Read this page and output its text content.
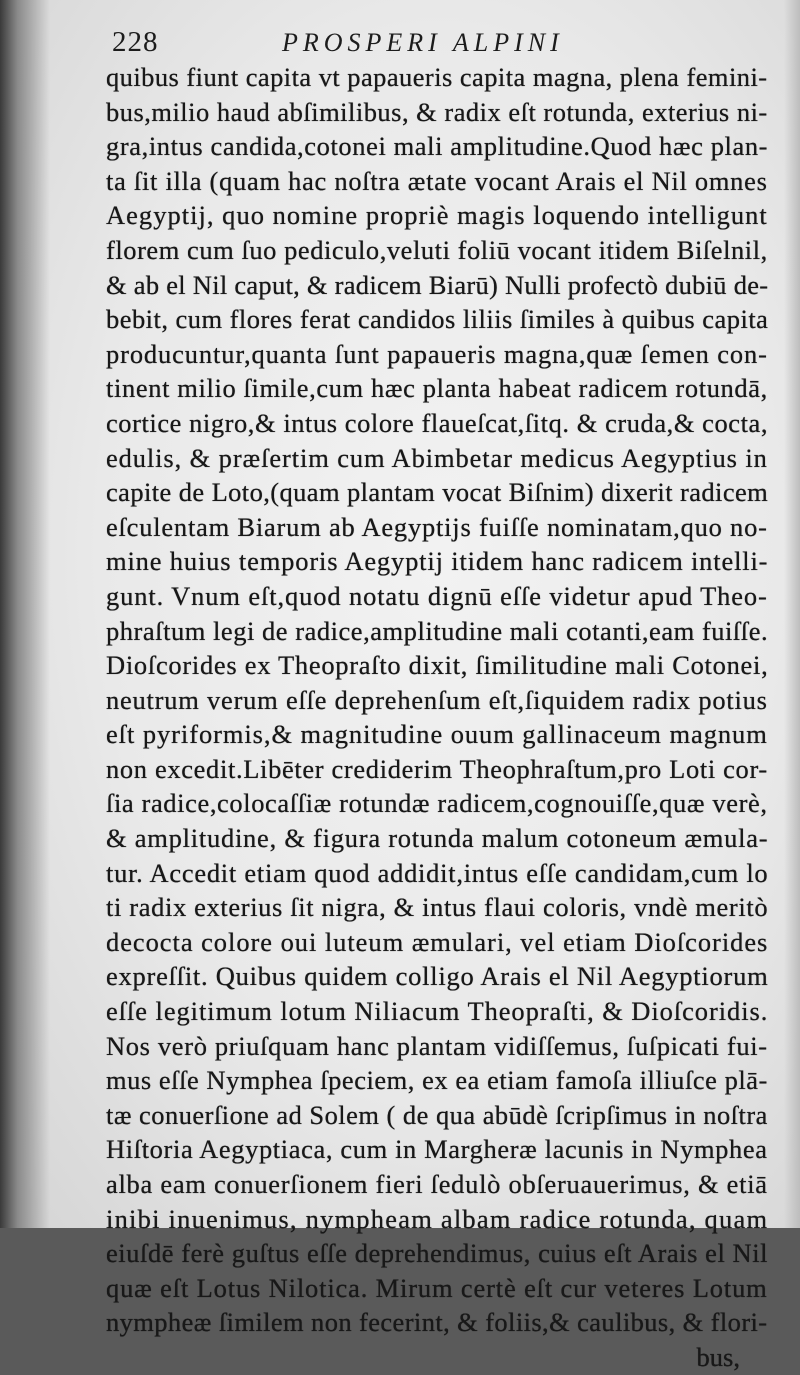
228	PROSPERI ALPINI
quibus fiunt capita vt papaueris capita magna, plena femini-
bus,milio haud abſimilibus, & radix eſt rotunda, exterius ni-
gra,intus candida,cotonei mali amplitudine.Quod hæc plan-
ta ſit illa (quam hac noſtra ætate vocant Arais el Nil omnes
Aegyptij, quo nomine propriè magis loquendo intelligunt
florem cum ſuo pediculo,veluti foliū vocant itidem Biſelnil,
& ab el Nil caput, & radicem Biarū) Nulli profectò dubiū de-
bebit, cum flores ferat candidos liliis ſimiles à quibus capita
producuntur,quanta ſunt papaueris magna,quæ ſemen con-
tinent milio ſimile,cum hæc planta habeat radicem rotundā,
cortice nigro,& intus colore flaueſcat,ſitq. & cruda,& cocta,
edulis, & præſertim cum Abimbetar medicus Aegyptius in
capite de Loto,(quam plantam vocat Biſnim) dixerit radicem
eſculentam Biarum ab Aegyptijs fuiſſe nominatam,quo no-
mine huius temporis Aegyptij itidem hanc radicem intelli-
gunt. Vnum eſt,quod notatu dignū eſſe videtur apud Theo-
phraſtum legi de radice,amplitudine mali cotanti,eam fuiſſe.
Dioſcorides ex Theopraſto dixit, ſimilitudine mali Cotonei,
neutrum verum eſſe deprehenſum eſt,ſiquidem radix potius
eſt pyriformis,& magnitudine ouum gallinaceum magnum
non excedit.Libēter crediderim Theophraſtum,pro Loti cor-
ſia radice,colocaſſiæ rotundæ radicem,cognouiſſe,quæ verè,
& amplitudine, & figura rotunda malum cotoneum æmula-
tur. Accedit etiam quod addidit,intus eſſe candidam,cum lo
ti radix exterius ſit nigra, & intus flaui coloris, vndè meritò
decocta colore oui luteum æmulari, vel etiam Dioſcorides
expreſſit. Quibus quidem colligo Arais el Nil Aegyptiorum
eſſe legitimum lotum Niliacum Theopraſti, & Dioſcoridis.
Nos verò priuſquam hanc plantam vidiſſemus, ſuſpicati fui-
mus eſſe Nymphea ſpeciem, ex ea etiam famoſa illiuſce plā-
tæ conuerſione ad Solem ( de qua abūdè ſcripſimus in noſtra
Hiſtoria Aegyptiaca, cum in Margheræ lacunis in Nymphea
alba eam conuerſionem fieri ſedulò obſeruauerimus, & etiā
inibi inuenimus, nympheam albam radice rotunda, quam
eiuſdē ferè guſtus eſſe deprehendimus, cuius eſt Arais el Nil
quæ eſt Lotus Nilotica. Mirum certè eſt cur veteres Lotum
nympheæ ſimilem non fecerint, & foliis,& caulibus, & flori-
bus,
